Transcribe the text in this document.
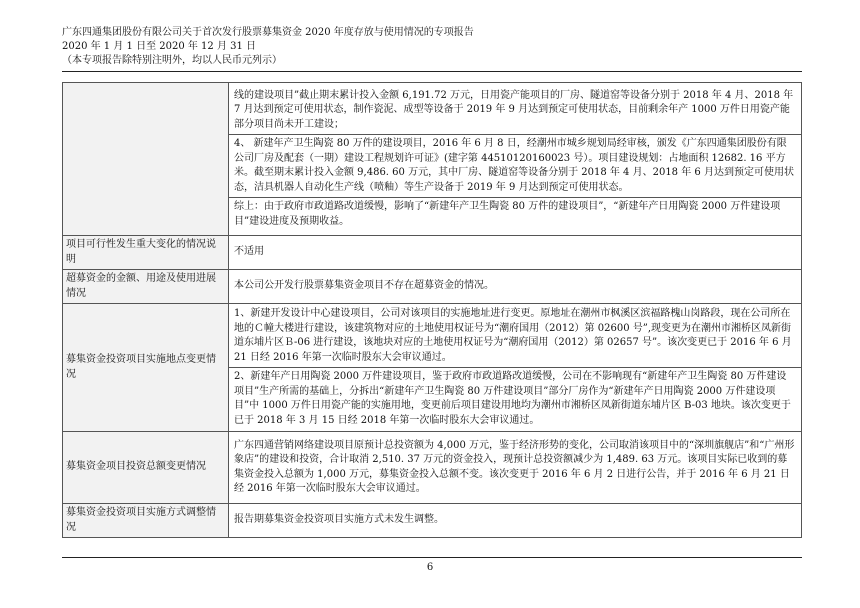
广东四通集团股份有限公司关于首次发行股票募集资金 2020 年度存放与使用情况的专项报告
2020 年 1 月 1 日至 2020 年 12 月 31 日
（本专项报告除特别注明外，均以人民币元列示）

	线的建设项目”截止期末累计投入金额 6,191.72 万元，日用瓷产能项目的厂房、隧道窑等设备分别于 2018 年 4 月、2018 年 7 月达到预定可使用状态，制作瓷泥、成型等设备于 2019 年 9 月达到预定可使用状态，目前剩余年产 1000 万件日用瓷产能部分项目尚未开工建设；

4、 新建年产卫生陶瓷 80 万件的建设项目，2016 年 6 月 8 日，经潮州市城乡规划局经审核，颁发《广东四通集团股份有限公司厂房及配套（一期）建设工程规划许可证》(建字第 44510120160023 号）。项目建设规划：占地面积 12682. 16 平方米。截至期末累计投入金额 9,486. 60 万元，其中厂房、隧道窑等设备分别于 2018 年 4 月、2018 年 6 月达到预定可使用状态，洁具机器人自动化生产线（喷釉）等生产设备于 2019 年 9 月达到预定可使用状态。

综上：由于政府市政道路改道缓慢，影响了“新建年产卫生陶瓷 80 万件的建设项目”，“新建年产日用陶瓷 2000 万件建设项目”建设进度及预期收益。

项目可行性发生重大变化的情况说明	不适用

超募资金的金额、用途及使用进展情况	本公司公开发行股票募集资金项目不存在超募资金的情况。

募集资金投资项目实施地点变更情况	1、新建开发设计中心建设项目，公司对该项目的实施地址进行变更。原地址在潮州市枫溪区滨福路槐山岗路段，现在公司所在地的Ｃ幢大楼进行建设，该建筑物对应的土地使用权证号为“潮府国用（2012）第 02600 号”,现变更为在潮州市湘桥区凤新街道东埔片区Ｂ-06 进行建设，该地块对应的土地使用权证号为“潮府国用（2012）第 02657 号”。该次变更已于 2016 年 6 月 21 日经 2016 年第一次临时股东大会审议通过。

2、新建年产日用陶瓷 2000 万件建设项目，鉴于政府市政道路改道缓慢，公司在不影响现有“新建年产卫生陶瓷 80 万件建设项目”生产所需的基础上，分拆出“新建年产卫生陶瓷 80 万件建设项目”部分厂房作为“新建年产日用陶瓷 2000 万件建设项目”中 1000 万件日用瓷产能的实施用地，变更前后项目建设用地均为潮州市湘桥区凤新街道东埔片区 B-03 地块。该次变更于已于 2018 年 3 月 15 日经 2018 年第一次临时股东大会审议通过。

募集资金项目投资总额变更情况	广东四通营销网络建设项目原预计总投资额为 4,000 万元，鉴于经济形势的变化，公司取消该项目中的“深圳旗舰店”和“广州形象店”的建设和投资，合计取消 2,510. 37 万元的资金投入，现预计总投资额减少为 1,489. 63 万元。该项目实际已收到的募集资金投入总额为 1,000 万元，募集资金投入总额不变。该次变更于 2016 年 6 月 2 日进行公告，并于 2016 年 6 月 21 日经 2016 年第一次临时股东大会审议通过。

募集资金投资项目实施方式调整情况	报告期募集资金投资项目实施方式未发生调整。

6
